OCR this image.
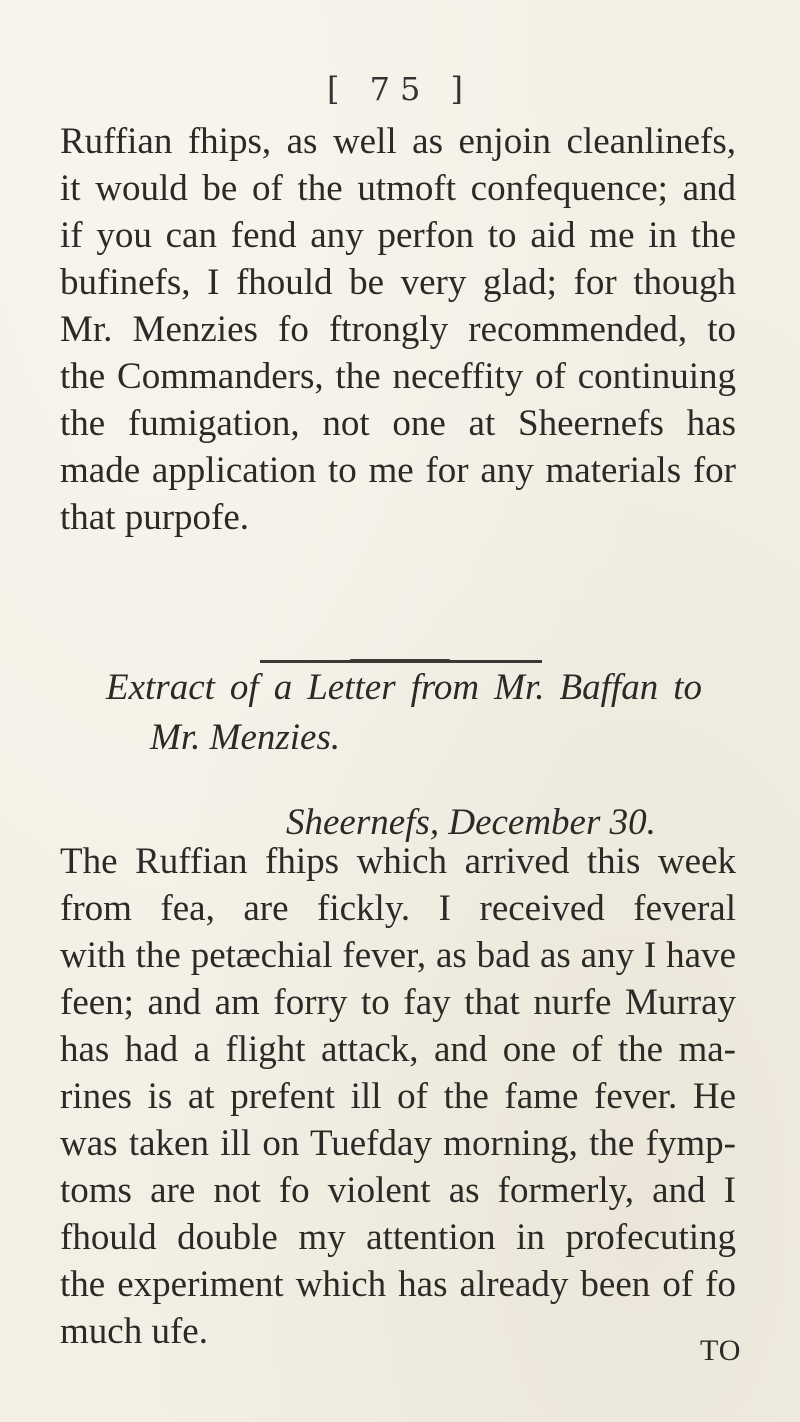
[ 75 ]
Ruffian fhips, as well as enjoin cleanlinefs,
it would be of the utmoft confequence; and
if you can fend any perfon to aid me in the
bufinefs, I fhould be very glad; for though
Mr. Menzies fo ftrongly recommended, to
the Commanders, the neceffity of continuing
the fumigation, not one at Sheernefs has
made application to me for any materials for
that purpofe.
Extract of a Letter from Mr. Baffan to
Mr. Menzies.
Sheernefs, December 30.
The Ruffian fhips which arrived this week
from fea, are fickly. I received feveral
with the petæchial fever, as bad as any I have
feen; and am forry to fay that nurfe Murray
has had a flight attack, and one of the ma-
rines is at prefent ill of the fame fever. He
was taken ill on Tuefday morning, the fymp-
toms are not fo violent as formerly, and I
fhould double my attention in profecuting
the experiment which has already been of fo
much ufe.	TO
